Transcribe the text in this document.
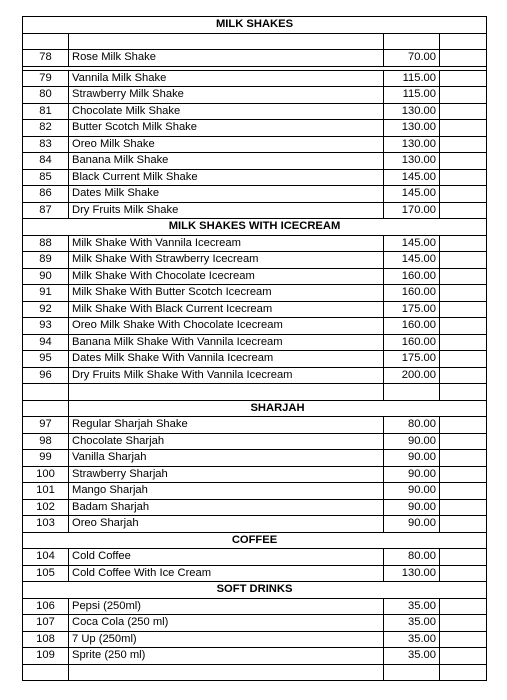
MILK SHAKES			

78	Rose Milk Shake	70.00	

79	Vannila Milk Shake	115.00	
80	Strawberry Milk Shake	115.00	
81	Chocolate Milk Shake	130.00	
82	Butter Scotch Milk Shake	130.00	
83	Oreo Milk Shake	130.00	
84	Banana Milk Shake	130.00	
85	Black Current Milk Shake	145.00	
86	Dates Milk Shake	145.00	
87	Dry Fruits Milk Shake	170.00	
MILK SHAKES WITH ICECREAM			
88	Milk Shake With Vannila Icecream	145.00	
89	Milk Shake With Strawberry Icecream	145.00	
90	Milk Shake With Chocolate Icecream	160.00	
91	Milk Shake With Butter Scotch Icecream	160.00	
92	Milk Shake With Black Current Icecream	175.00	
93	Oreo Milk Shake With Chocolate Icecream	160.00	
94	Banana Milk Shake With Vannila Icecream	160.00	
95	Dates Milk Shake With Vannila Icecream	175.00	
96	Dry Fruits Milk Shake With Vannila Icecream	200.00	

	SHARJAH		
97	Regular Sharjah Shake	80.00	
98	Chocolate Sharjah	90.00	
99	Vanilla Sharjah	90.00	
100	Strawberry Sharjah	90.00	
101	Mango Sharjah	90.00	
102	Badam Sharjah	90.00	
103	Oreo Sharjah	90.00	
COFFEE			
104	Cold Coffee	80.00	
105	Cold Coffee With Ice Cream	130.00	
SOFT DRINKS			
106	Pepsi (250ml)	35.00	
107	Coca Cola (250 ml)	35.00	
108	7 Up (250ml)	35.00	
109	Sprite (250 ml)	35.00	
